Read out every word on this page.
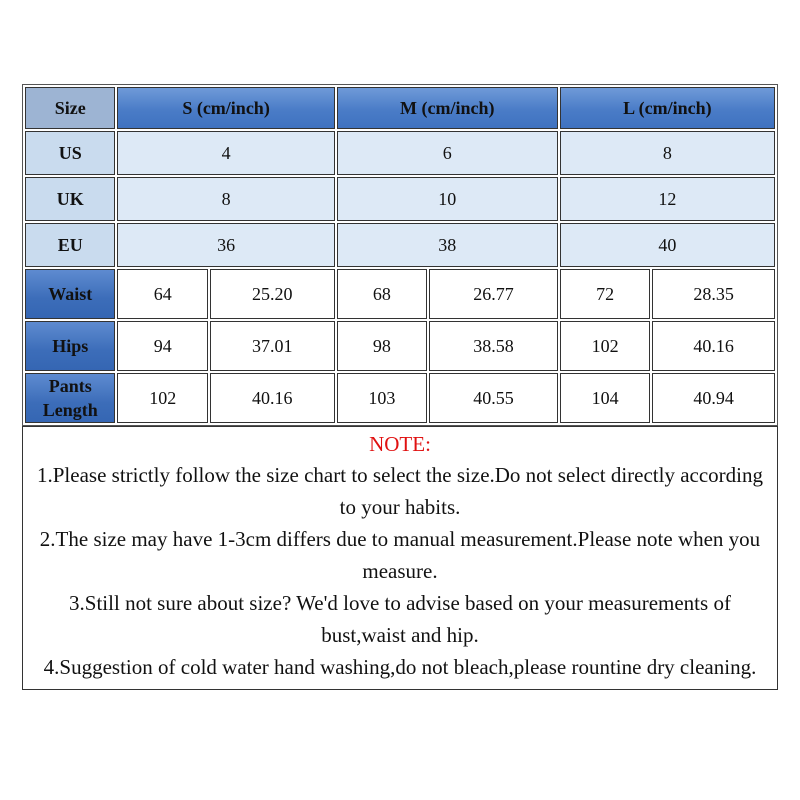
Size	S (cm/inch)		M (cm/inch)		L (cm/inch)	
US	4		6		8	
UK	8		10		12	
EU	36		38		40	
Waist	64	25.20	68	26.77	72	28.35
Hips	94	37.01	98	38.58	102	40.16
Pants
Length	102	40.16	103	40.55	104	40.94
NOTE:
1.Please strictly follow the size chart to select the size.Do not select directly according to your habits.
2.The size may have 1-3cm differs due to manual measurement.Please note when you measure.
3.Still not sure about size? We'd love to advise based on your measurements of bust,waist and hip.
4.Suggestion of cold water hand washing,do not bleach,please rountine dry cleaning.
